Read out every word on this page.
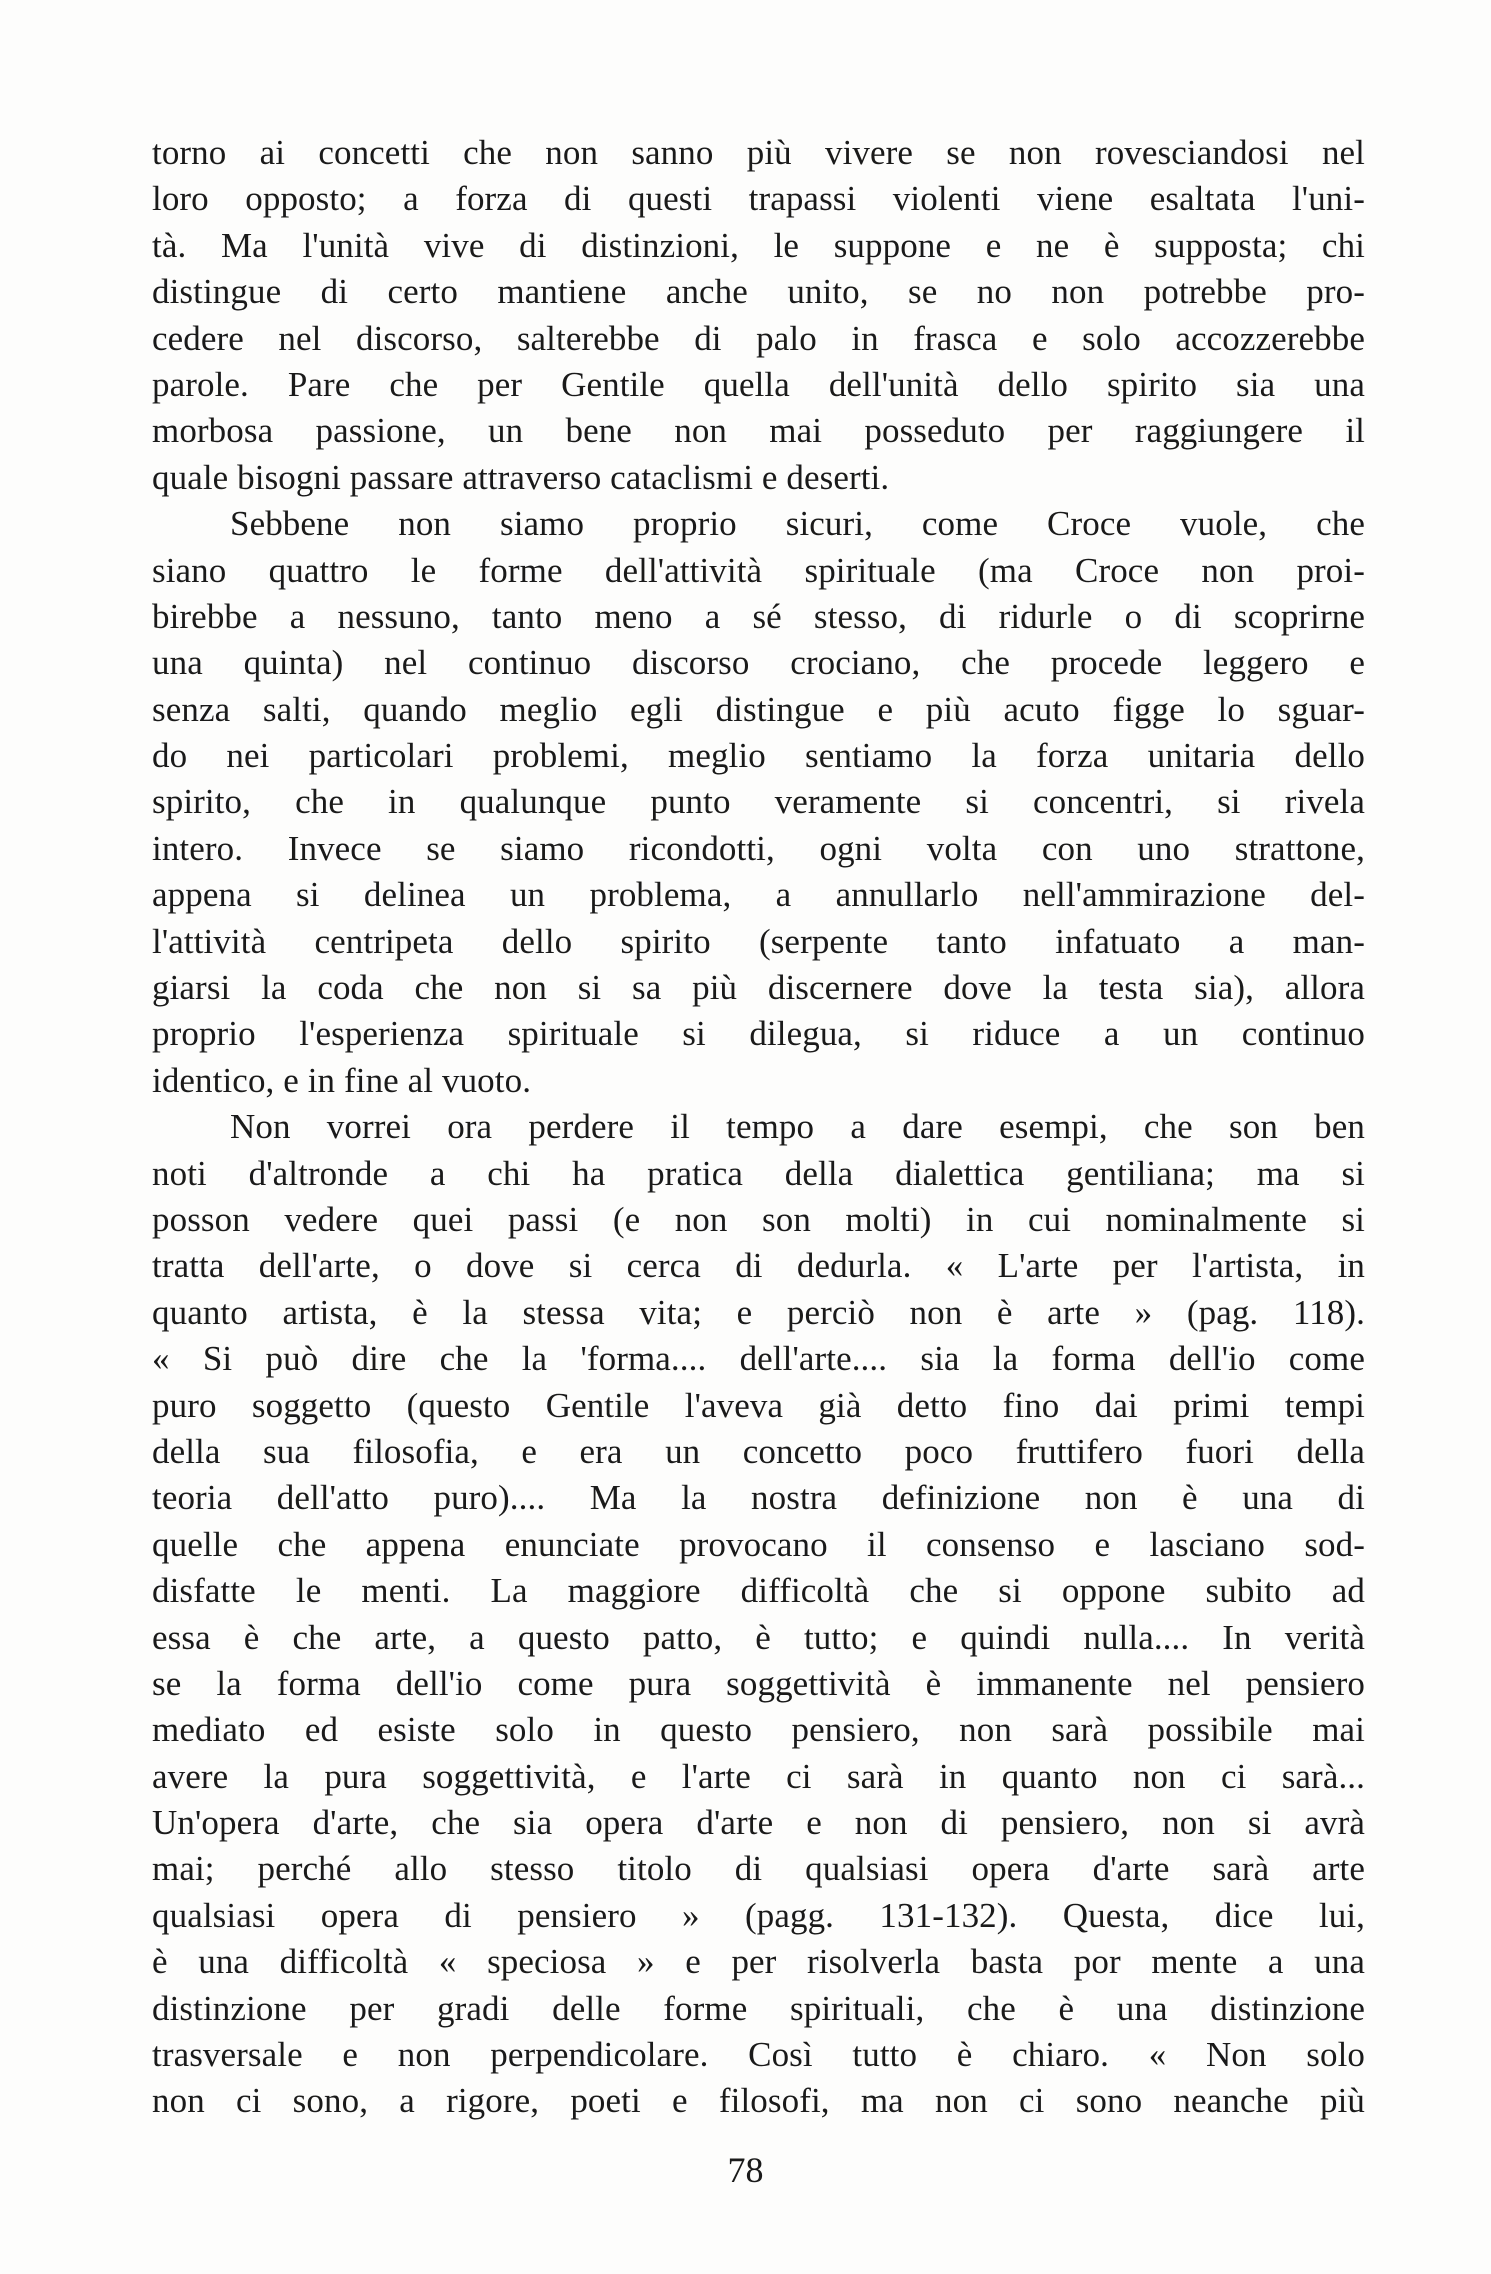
torno ai concetti che non sanno più vivere se non rovesciandosi nel
loro opposto; a forza di questi trapassi violenti viene esaltata l'uni-
tà. Ma l'unità vive di distinzioni, le suppone e ne è supposta; chi
distingue di certo mantiene anche unito, se no non potrebbe pro-
cedere nel discorso, salterebbe di palo in frasca e solo accozzerebbe
parole. Pare che per Gentile quella dell'unità dello spirito sia una
morbosa passione, un bene non mai posseduto per raggiungere il
quale bisogni passare attraverso cataclismi e deserti.
Sebbene non siamo proprio sicuri, come Croce vuole, che
siano quattro le forme dell'attività spirituale (ma Croce non proi-
birebbe a nessuno, tanto meno a sé stesso, di ridurle o di scoprirne
una quinta) nel continuo discorso crociano, che procede leggero e
senza salti, quando meglio egli distingue e più acuto figge lo sguar-
do nei particolari problemi, meglio sentiamo la forza unitaria dello
spirito, che in qualunque punto veramente si concentri, si rivela
intero. Invece se siamo ricondotti, ogni volta con uno strattone,
appena si delinea un problema, a annullarlo nell'ammirazione del-
l'attività centripeta dello spirito (serpente tanto infatuato a man-
giarsi la coda che non si sa più discernere dove la testa sia), allora
proprio l'esperienza spirituale si dilegua, si riduce a un continuo
identico, e in fine al vuoto.
Non vorrei ora perdere il tempo a dare esempi, che son ben
noti d'altronde a chi ha pratica della dialettica gentiliana; ma si
posson vedere quei passi (e non son molti) in cui nominalmente si
tratta dell'arte, o dove si cerca di dedurla. « L'arte per l'artista, in
quanto artista, è la stessa vita; e perciò non è arte » (pag. 118).
« Si può dire che la 'forma.... dell'arte.... sia la forma dell'io come
puro soggetto (questo Gentile l'aveva già detto fino dai primi tempi
della sua filosofia, e era un concetto poco fruttifero fuori della
teoria dell'atto puro).... Ma la nostra definizione non è una di
quelle che appena enunciate provocano il consenso e lasciano sod-
disfatte le menti. La maggiore difficoltà che si oppone subito ad
essa è che arte, a questo patto, è tutto; e quindi nulla.... In verità
se la forma dell'io come pura soggettività è immanente nel pensiero
mediato ed esiste solo in questo pensiero, non sarà possibile mai
avere la pura soggettività, e l'arte ci sarà in quanto non ci sarà...
Un'opera d'arte, che sia opera d'arte e non di pensiero, non si avrà
mai; perché allo stesso titolo di qualsiasi opera d'arte sarà arte
qualsiasi opera di pensiero » (pagg. 131-132). Questa, dice lui,
è una difficoltà « speciosa » e per risolverla basta por mente a una
distinzione per gradi delle forme spirituali, che è una distinzione
trasversale e non perpendicolare. Così tutto è chiaro. « Non solo
non ci sono, a rigore, poeti e filosofi, ma non ci sono neanche più
78
